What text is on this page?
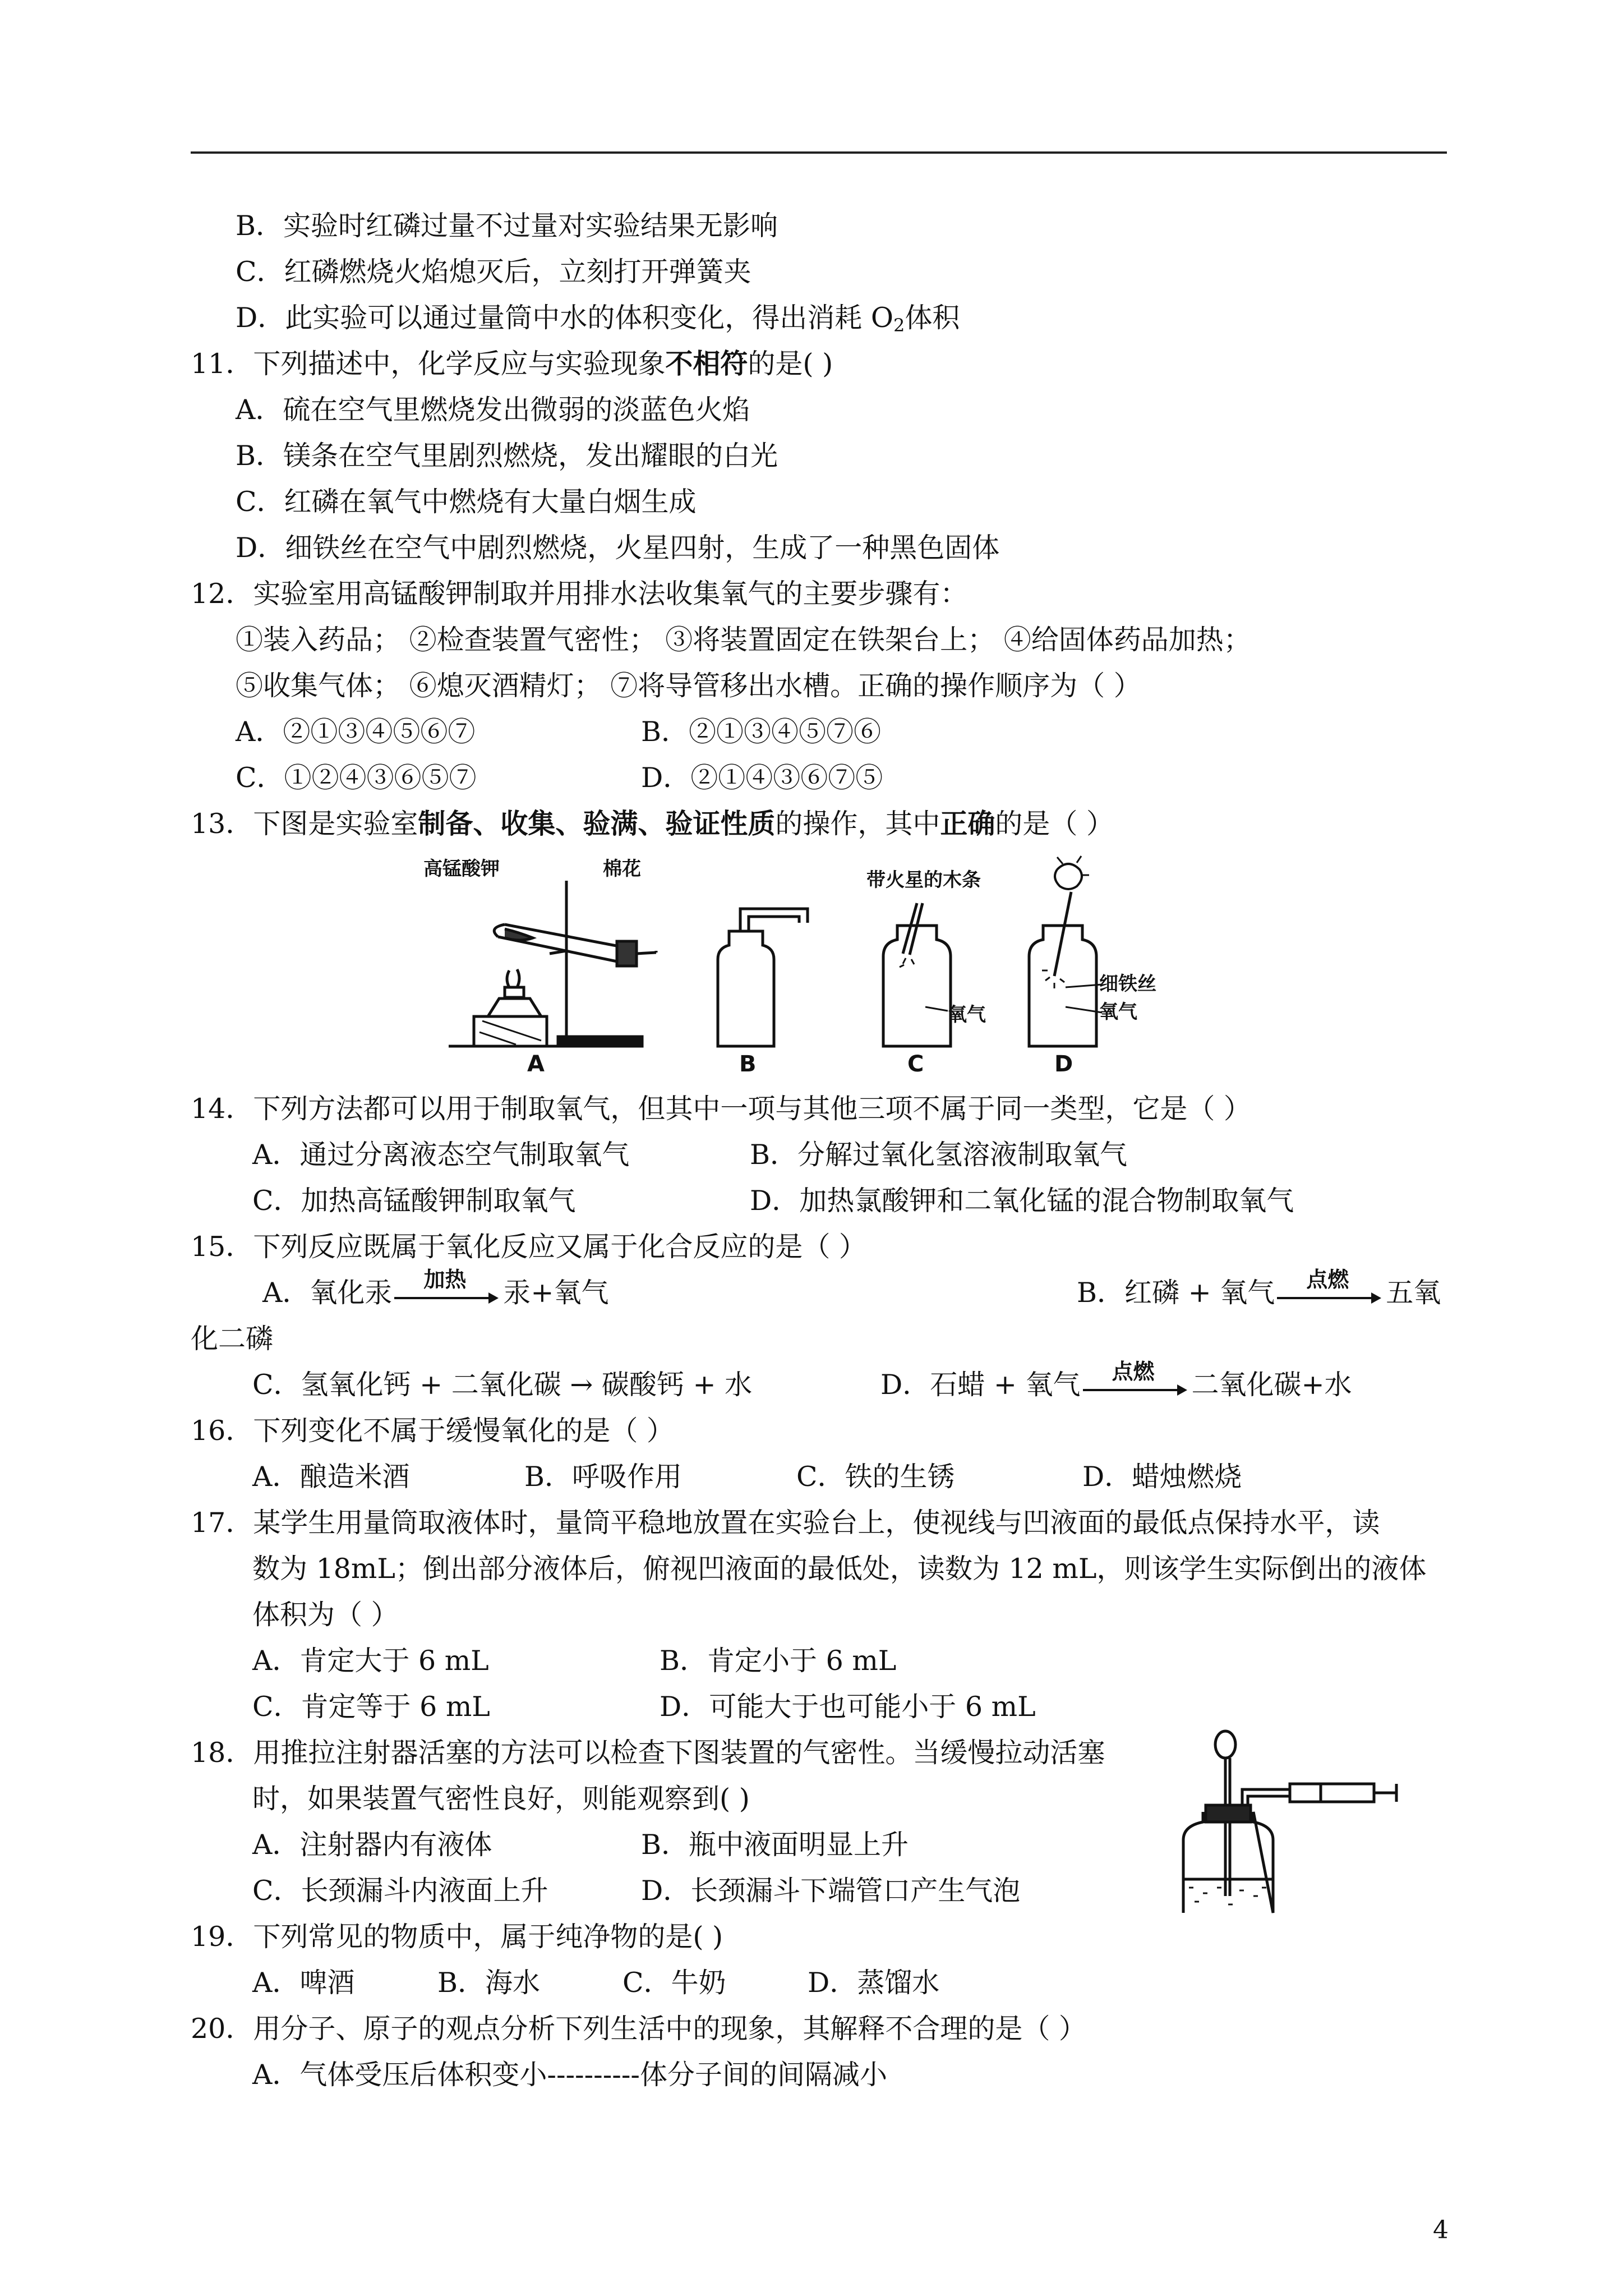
B．实验时红磷过量不过量对实验结果无影响
C．红磷燃烧火焰熄灭后，立刻打开弹簧夹
D．此实验可以通过量筒中水的体积变化，得出消耗 $O_2$体积
11．下列描述中，化学反应与实验现象不相符的是( )
A．硫在空气里燃烧发出微弱的淡蓝色火焰
B．镁条在空气里剧烈燃烧，发出耀眼的白光
C．红磷在氧气中燃烧有大量白烟生成
D．细铁丝在空气中剧烈燃烧，火星四射，生成了一种黑色固体
12．实验室用高锰酸钾制取并用排水法收集氧气的主要步骤有：
①装入药品； ②检查装置气密性； ③将装置固定在铁架台上； ④给固体药品加热；
⑤收集气体； ⑥熄灭酒精灯； ⑦将导管移出水槽。正确的操作顺序为（ ）
A．②①③④⑤⑥⑦	B．②①③④⑤⑦⑥
C．①②④③⑥⑤⑦	D．②①④③⑥⑦⑤
13．下图是实验室制备、收集、验满、验证性质的操作，其中正确的是（ ）
高锰酸钾	棉花	带火星的木条
氧气
细铁丝
氧气
A	B	C	D
14．下列方法都可以用于制取氧气，但其中一项与其他三项不属于同一类型，它是（ ）
A．通过分离液态空气制取氧气	B．分解过氧化氢溶液制取氧气
C．加热高锰酸钾制取氧气	D．加热氯酸钾和二氧化锰的混合物制取氧气
15．下列反应既属于氧化反应又属于化合反应的是（ ）
A．氧化汞	加热	汞+氧气	B．红磷 + 氧气	点燃	五氧
化二磷
C．氢氧化钙 + 二氧化碳 → 碳酸钙 + 水	D．石蜡 + 氧气	点燃	二氧化碳+水
16．下列变化不属于缓慢氧化的是（ ）
A．酿造米酒	B．呼吸作用	C．铁的生锈	D．蜡烛燃烧
17．某学生用量筒取液体时，量筒平稳地放置在实验台上，使视线与凹液面的最低点保持水平，读
数为 18mL；倒出部分液体后，俯视凹液面的最低处，读数为 12 mL，则该学生实际倒出的液体
体积为（ ）
A．肯定大于 6 mL	B．肯定小于 6 mL
C．肯定等于 6 mL	D．可能大于也可能小于 6 mL
18．用推拉注射器活塞的方法可以检查下图装置的气密性。当缓慢拉动活塞
时，如果装置气密性良好，则能观察到( )
A．注射器内有液体	B．瓶中液面明显上升
C．长颈漏斗内液面上升	D．长颈漏斗下端管口产生气泡
19．下列常见的物质中，属于纯净物的是( )
A．啤酒	B．海水	C．牛奶	D．蒸馏水
20．用分子、原子的观点分析下列生活中的现象，其解释不合理的是（ ）
A．气体受压后体积变小----------体分子间的间隔减小
4
